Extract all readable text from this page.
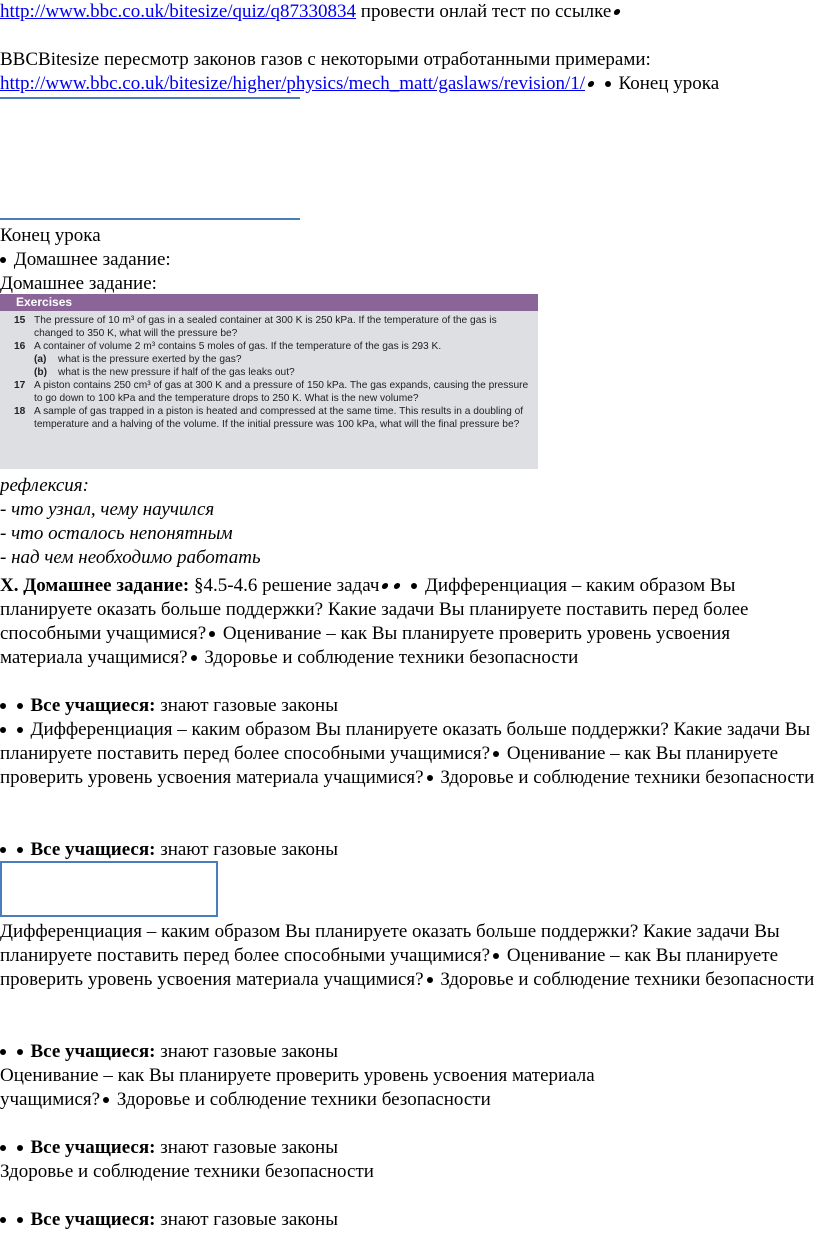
http://www.bbc.co.uk/bitesize/quiz/q87330834 провести онлай тест по ссылке
BBCBitesize пересмотр законов газов с некоторыми отработанными примерами:
http://www.bbc.co.uk/bitesize/higher/physics/mech_matt/gaslaws/revision/1/  Конец урока
Конец урока
Домашнее задание:
Домашнее задание:
Exercises
15 The pressure of 10 m³ of gas in a sealed container at 300 K is 250 kPa. If the temperature of the gas is changed to 350 K, what will the pressure be?
16 A container of volume 2 m³ contains 5 moles of gas. If the temperature of the gas is 293 K.
(a)	what is the pressure exerted by the gas?
(b)	what is the new pressure if half of the gas leaks out?
17 A piston contains 250 cm³ of gas at 300 K and a pressure of 150 kPa. The gas expands, causing the pressure to go down to 100 kPa and the temperature drops to 250 K. What is the new volume?
18 A sample of gas trapped in a piston is heated and compressed at the same time. This results in a doubling of temperature and a halving of the volume. If the initial pressure was 100 kPa, what will the final pressure be?
рефлексия:
- что узнал, чему научился
- что осталось непонятным
- над чем необходимо работать
X. Домашнее задание: §4.5-4.6 решение задач  Дифференциация – каким образом Вы планируете оказать больше поддержки? Какие задачи Вы планируете поставить перед более способными учащимися? Оценивание – как Вы планируете проверить уровень усвоения материала учащимися? Здоровье и соблюдение техники безопасности
Все учащиеся: знают газовые законы
Дифференциация – каким образом Вы планируете оказать больше поддержки? Какие задачи Вы планируете поставить перед более способными учащимися? Оценивание – как Вы планируете проверить уровень усвоения материала учащимися? Здоровье и соблюдение техники безопасности
Все учащиеся: знают газовые законы
Дифференциация – каким образом Вы планируете оказать больше поддержки? Какие задачи Вы планируете поставить перед более способными учащимися? Оценивание – как Вы планируете проверить уровень усвоения материала учащимися? Здоровье и соблюдение техники безопасности
Все учащиеся: знают газовые законы
Оценивание – как Вы планируете проверить уровень усвоения материала учащимися? Здоровье и соблюдение техники безопасности
Все учащиеся: знают газовые законы
Здоровье и соблюдение техники безопасности
Все учащиеся: знают газовые законы
